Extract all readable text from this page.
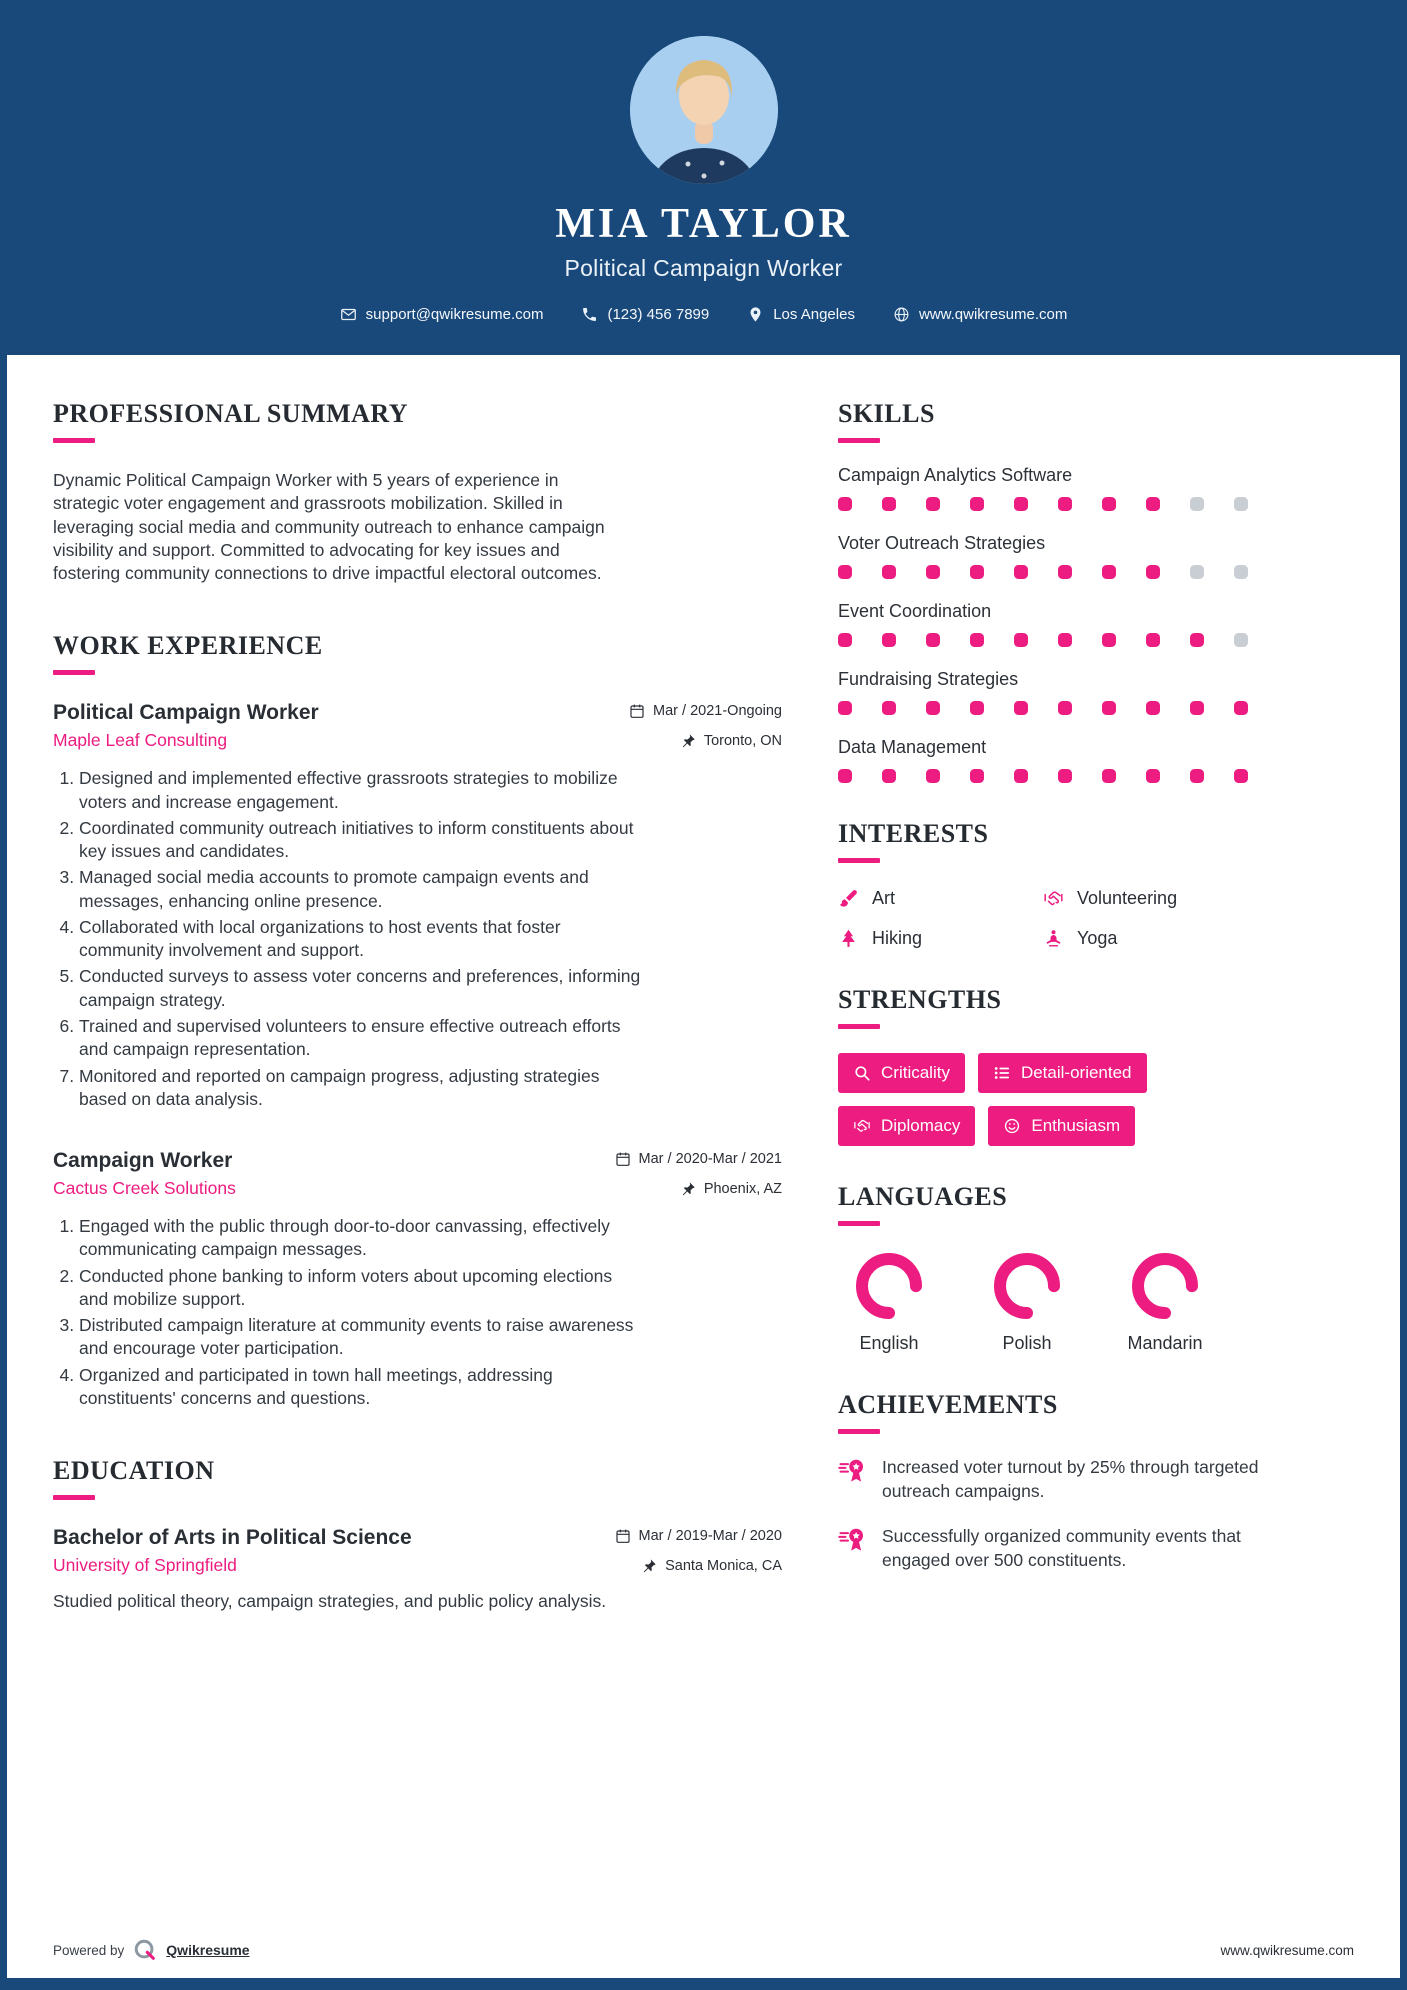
MIA TAYLOR
Political Campaign Worker
support@qwikresume.com	(123) 456 7899	Los Angeles	www.qwikresume.com
PROFESSIONAL SUMMARY

Dynamic Political Campaign Worker with 5 years of experience in strategic voter engagement and grassroots mobilization. Skilled in leveraging social media and community outreach to enhance campaign visibility and support. Committed to advocating for key issues and fostering community connections to drive impactful electoral outcomes.

WORK EXPERIENCE
Political Campaign Worker	Mar / 2021-Ongoing
Maple Leaf Consulting	Toronto, ON
1. Designed and implemented effective grassroots strategies to mobilize voters and increase engagement.
2. Coordinated community outreach initiatives to inform constituents about key issues and candidates.
3. Managed social media accounts to promote campaign events and messages, enhancing online presence.
4. Collaborated with local organizations to host events that foster community involvement and support.
5. Conducted surveys to assess voter concerns and preferences, informing campaign strategy.
6. Trained and supervised volunteers to ensure effective outreach efforts and campaign representation.
7. Monitored and reported on campaign progress, adjusting strategies based on data analysis.
Campaign Worker	Mar / 2020-Mar / 2021
Cactus Creek Solutions	Phoenix, AZ
1. Engaged with the public through door-to-door canvassing, effectively communicating campaign messages.
2. Conducted phone banking to inform voters about upcoming elections and mobilize support.
3. Distributed campaign literature at community events to raise awareness and encourage voter participation.
4. Organized and participated in town hall meetings, addressing constituents' concerns and questions.
EDUCATION
Bachelor of Arts in Political Science	Mar / 2019-Mar / 2020
University of Springfield	Santa Monica, CA

Studied political theory, campaign strategies, and public policy analysis.

SKILLS
Campaign Analytics Software
Voter Outreach Strategies
Event Coordination
Fundraising Strategies
Data Management
INTERESTS
Art	Volunteering
Hiking	Yoga
STRENGTHS
Criticality	Detail-oriented
Diplomacy	Enthusiasm
LANGUAGES
English	Polish	Mandarin
ACHIEVEMENTS
Increased voter turnout by 25% through targeted outreach campaigns.
Successfully organized community events that engaged over 500 constituents.
Powered by	Qwikresume	www.qwikresume.com
